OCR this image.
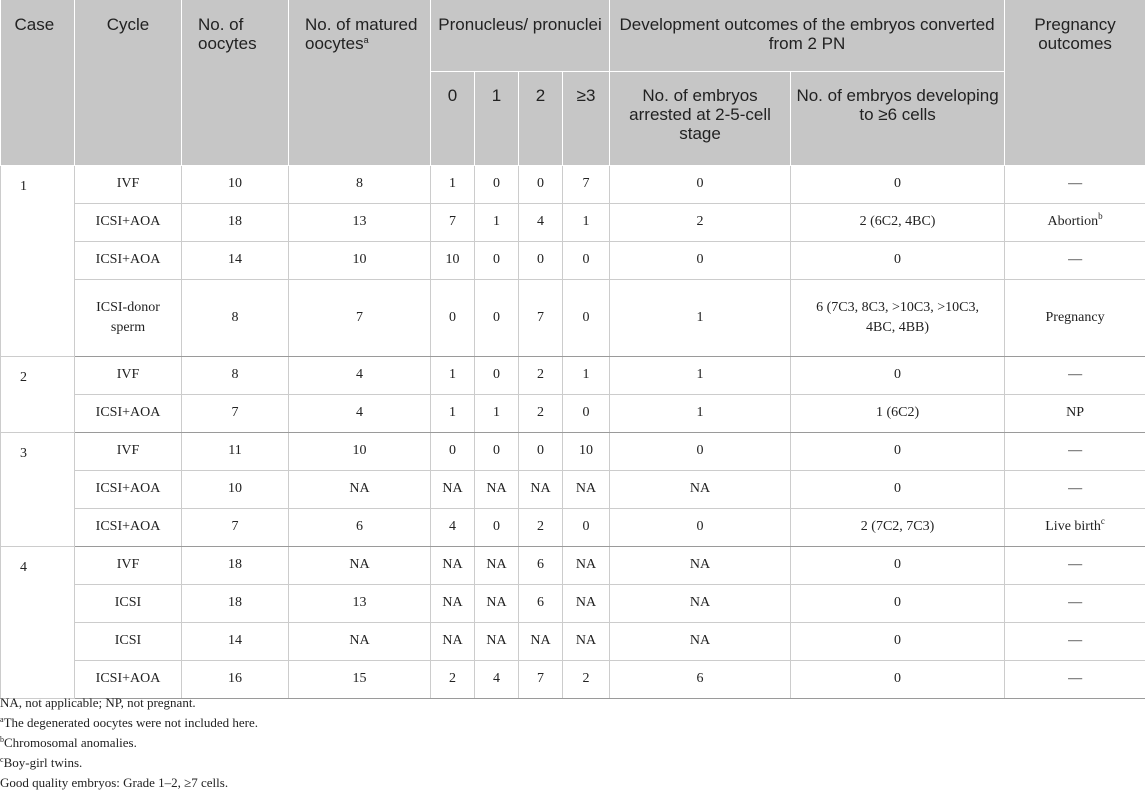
Case	Cycle	No. of oocytes	No. of matured oocytes$^a$	Pronucleus/ pronuclei				Development outcomes of the embryos converted from 2 PN		Pregnancy outcomes
				0	1	2	≥3	No. of embryos arrested at 2-5-cell stage	No. of embryos developing to ≥6 cells	
1	IVF	10	8	1	0	0	7	0	0	—
	ICSI+AOA	18	13	7	1	4	1	2	2 (6C2, 4BC)	Abortion$^b$
	ICSI+AOA	14	10	10	0	0	0	0	0	—
	ICSI-donor sperm	8	7	0	0	7	0	1	6 (7C3, 8C3, >10C3, >10C3, 4BC, 4BB)	Pregnancy
2	IVF	8	4	1	0	2	1	1	0	—
	ICSI+AOA	7	4	1	1	2	0	1	1 (6C2)	NP
3	IVF	11	10	0	0	0	10	0	0	—
	ICSI+AOA	10	NA	NA	NA	NA	NA	NA	0	—
	ICSI+AOA	7	6	4	0	2	0	0	2 (7C2, 7C3)	Live birth$^c$
4	IVF	18	NA	NA	NA	6	NA	NA	0	—
	ICSI	18	13	NA	NA	6	NA	NA	0	—
	ICSI	14	NA	NA	NA	NA	NA	NA	0	—
	ICSI+AOA	16	15	2	4	7	2	6	0	—
NA, not applicable; NP, not pregnant.
$^a$The degenerated oocytes were not included here.
$^b$Chromosomal anomalies.
$^c$Boy-girl twins.
Good quality embryos: Grade 1–2, ≥7 cells.
